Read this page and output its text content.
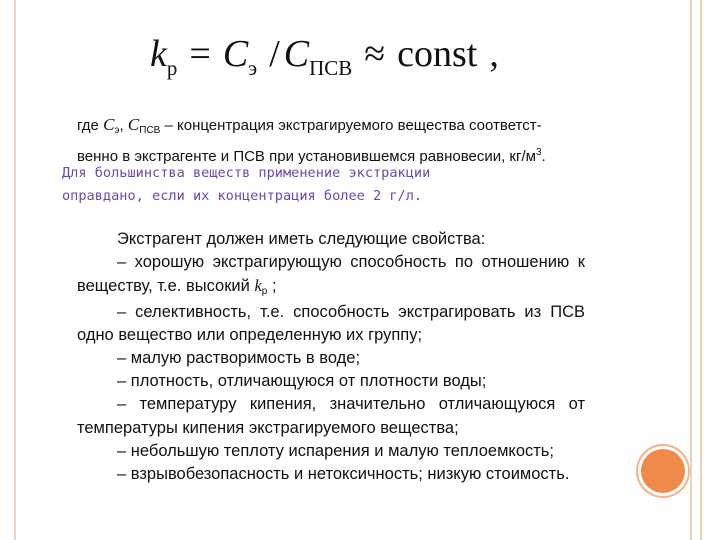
$k_р = C_э / C_{ПСВ}$ ≈ const ,
где $C_э$, $C_{ПСВ}$ – концентрация экстрагируемого вещества соответст-
венно в экстрагенте и ПСВ при установившемся равновесии, $кг/м^3$.
Для большинства веществ применение экстракции
оправдано, если их концентрация более 2 г/л.

Экстрагент должен иметь следующие свойства:

– хорошую экстрагирующую способность по отношению к веществу, т.е. высокий kр ;

– селективность, т.е. способность экстрагировать из ПСВ одно вещество или определенную их группу;

– малую растворимость в воде;

– плотность, отличающуюся от плотности воды;

– температуру кипения, значительно отличающуюся от температуры кипения экстрагируемого вещества;

– небольшую теплоту испарения и малую теплоемкость;

– взрывобезопасность и нетоксичность; низкую стоимость.
